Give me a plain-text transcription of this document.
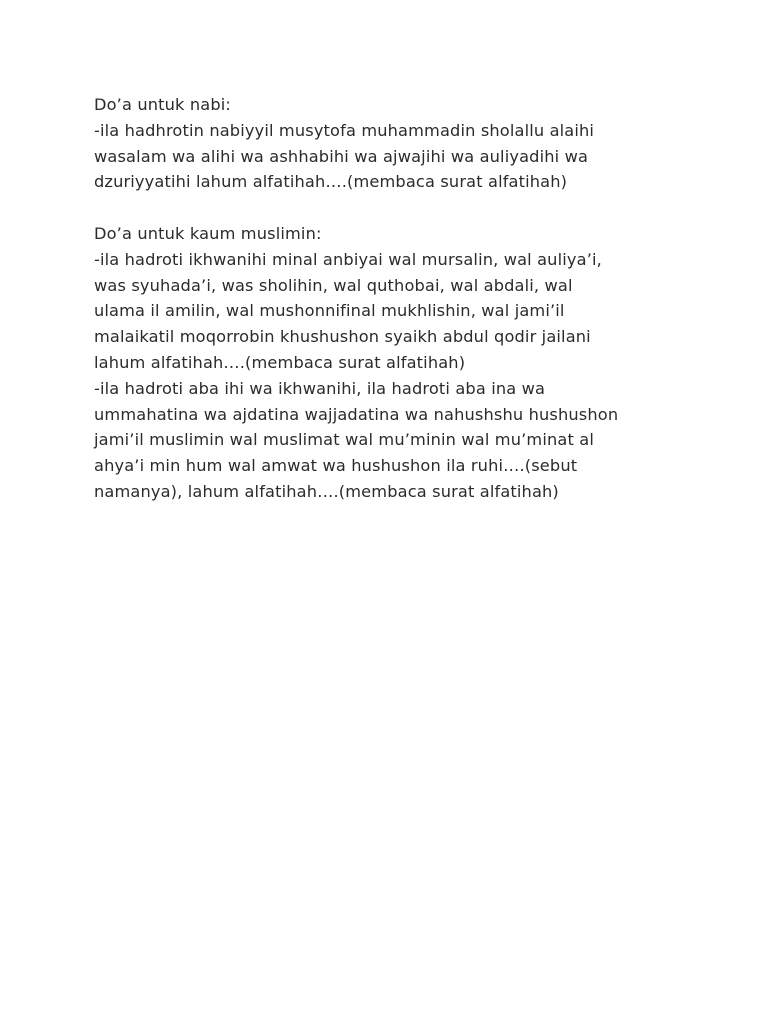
Do’a untuk nabi:
-ila hadhrotin nabiyyil musytofa muhammadin sholallu alaihi
wasalam wa alihi wa ashhabihi wa ajwajihi wa auliyadihi wa
dzuriyyatihi lahum alfatihah….(membaca surat alfatihah)

Do’a untuk kaum muslimin:
-ila hadroti ikhwanihi minal anbiyai wal mursalin, wal auliya’i,
was syuhada’i, was sholihin, wal quthobai, wal abdali, wal
ulama il amilin, wal mushonnifinal mukhlishin, wal jami’il
malaikatil moqorrobin khushushon syaikh abdul qodir jailani
lahum alfatihah….(membaca surat alfatihah)
-ila hadroti aba ihi wa ikhwanihi, ila hadroti aba ina wa
ummahatina wa ajdatina wajjadatina wa nahushshu hushushon
jami’il muslimin wal muslimat wal mu’minin wal mu’minat al
ahya’i min hum wal amwat wa hushushon ila ruhi….(sebut
namanya), lahum alfatihah….(membaca surat alfatihah)
